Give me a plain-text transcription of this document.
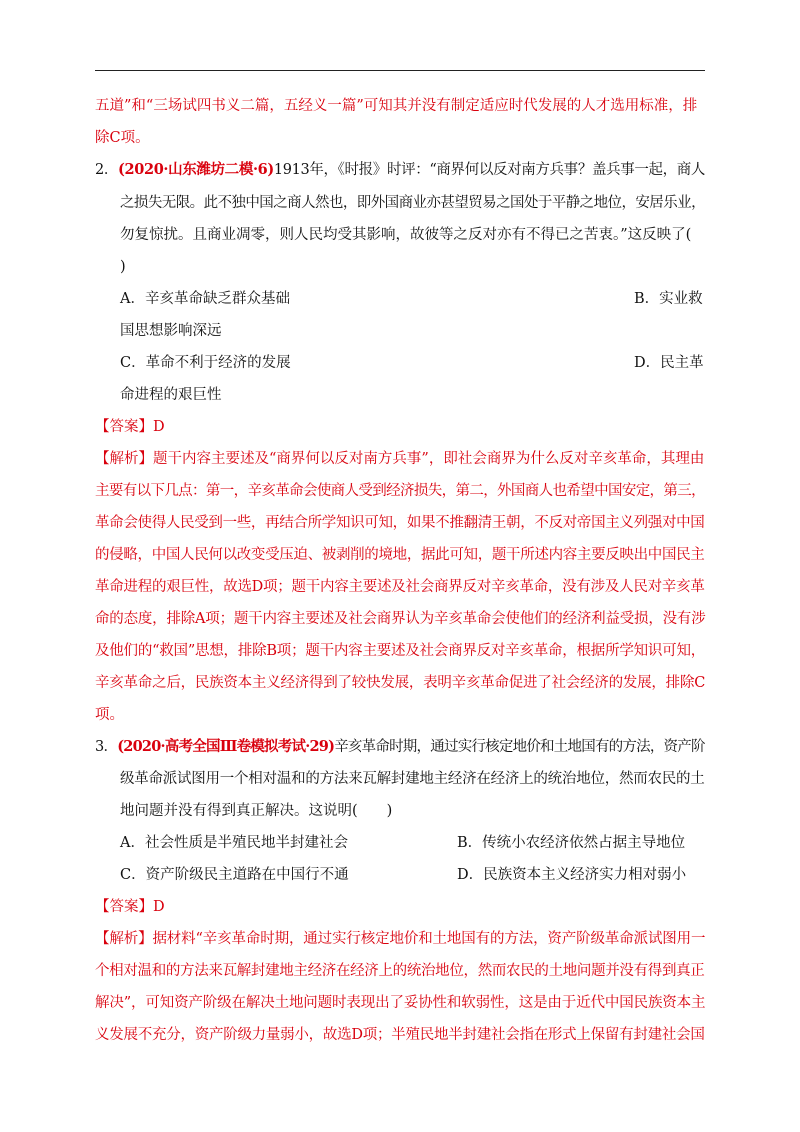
五道”和“三场试四书义二篇，五经义一篇”可知其并没有制定适应时代发展的人才选用标准，排
除C项。
2．(2020·山东潍坊二模·6)1913年，《时报》时评：“商界何以反对南方兵事？盖兵事一起，商人
之损失无限。此不独中国之商人然也，即外国商业亦甚望贸易之国处于平静之地位，安居乐业，
勿复惊扰。且商业凋零，则人民均受其影响，故彼等之反对亦有不得已之苦衷。”这反映了(
)
A．辛亥革命缺乏群众基础	B．实业救
国思想影响深远
C．革命不利于经济的发展	D．民主革
命进程的艰巨性
【答案】D
【解析】题干内容主要述及“商界何以反对南方兵事”，即社会商界为什么反对辛亥革命，其理由
主要有以下几点：第一，辛亥革命会使商人受到经济损失，第二，外国商人也希望中国安定，第三，
革命会使得人民受到一些，再结合所学知识可知，如果不推翻清王朝，不反对帝国主义列强对中国
的侵略，中国人民何以改变受压迫、被剥削的境地，据此可知，题干所述内容主要反映出中国民主
革命进程的艰巨性，故选D项；题干内容主要述及社会商界反对辛亥革命，没有涉及人民对辛亥革
命的态度，排除A项；题干内容主要述及社会商界认为辛亥革命会使他们的经济利益受损，没有涉
及他们的“救国”思想，排除B项；题干内容主要述及社会商界反对辛亥革命，根据所学知识可知，
辛亥革命之后，民族资本主义经济得到了较快发展，表明辛亥革命促进了社会经济的发展，排除C
项。
3．(2020·高考全国Ⅲ卷模拟考试·29)辛亥革命时期，通过实行核定地价和土地国有的方法，资产阶
级革命派试图用一个相对温和的方法来瓦解封建地主经济在经济上的统治地位，然而农民的土
地问题并没有得到真正解决。这说明(　　)
A．社会性质是半殖民地半封建社会	B．传统小农经济依然占据主导地位
C．资产阶级民主道路在中国行不通	D．民族资本主义经济实力相对弱小
【答案】D
【解析】据材料“辛亥革命时期，通过实行核定地价和土地国有的方法，资产阶级革命派试图用一
个相对温和的方法来瓦解封建地主经济在经济上的统治地位，然而农民的土地问题并没有得到真正
解决”，可知资产阶级在解决土地问题时表现出了妥协性和软弱性，这是由于近代中国民族资本主
义发展不充分，资产阶级力量弱小，故选D项；半殖民地半封建社会指在形式上保留有封建社会国
